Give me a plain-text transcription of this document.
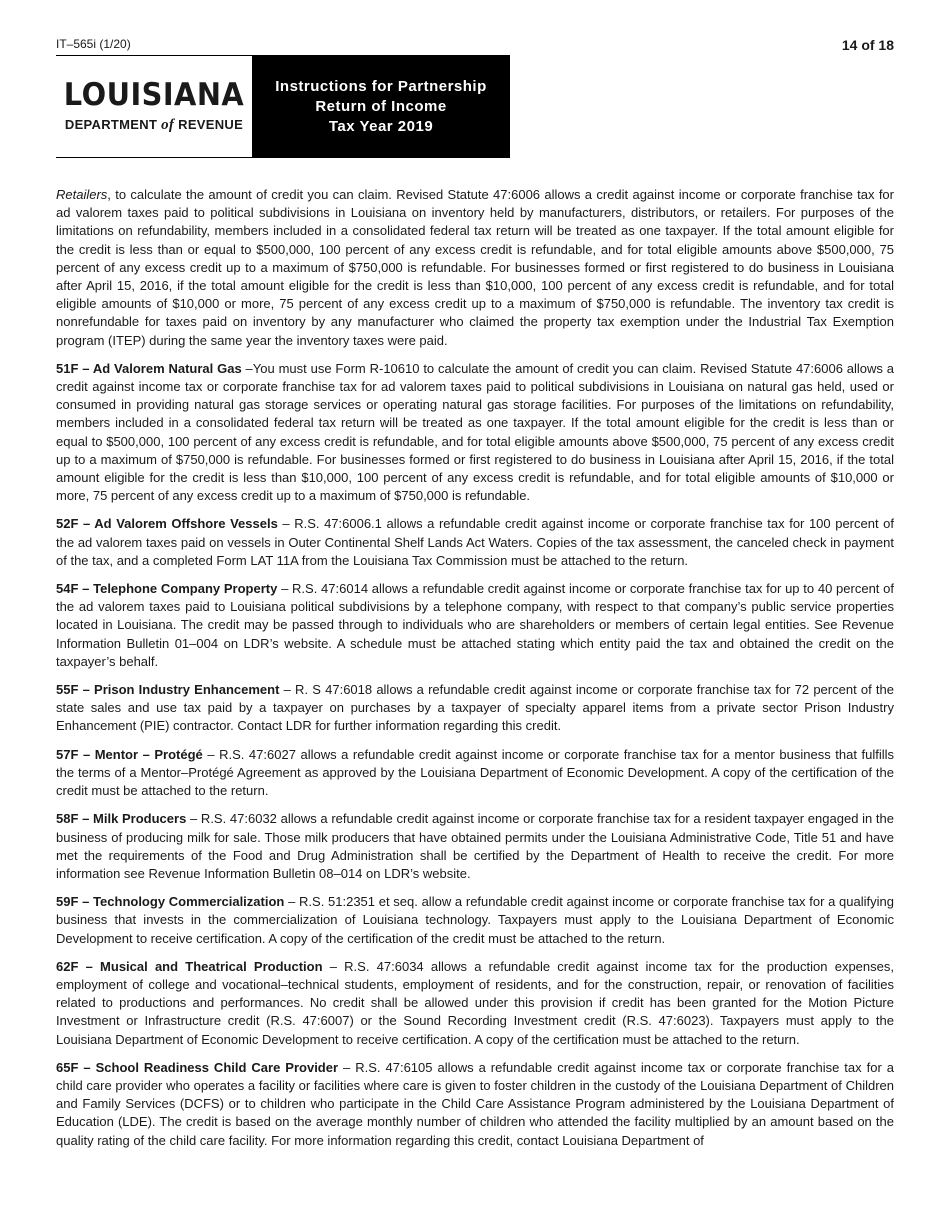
IT–565i (1/20)	14 of 18
LOUISIANA
DEPARTMENT of REVENUE
Instructions for Partnership
Return of Income
Tax Year 2019

Retailers, to calculate the amount of credit you can claim. Revised Statute 47:6006 allows a credit against income or corporate franchise tax for ad valorem taxes paid to political subdivisions in Louisiana on inventory held by manufacturers, distributors, or retailers. For purposes of the limitations on refundability, members included in a consolidated federal tax return will be treated as one taxpayer. If the total amount eligible for the credit is less than or equal to $500,000, 100 percent of any excess credit is refundable, and for total eligible amounts above $500,000, 75 percent of any excess credit up to a maximum of $750,000 is refundable. For businesses formed or first registered to do business in Louisiana after April 15, 2016, if the total amount eligible for the credit is less than $10,000, 100 percent of any excess credit is refundable, and for total eligible amounts of $10,000 or more, 75 percent of any excess credit up to a maximum of $750,000 is refundable. The inventory tax credit is nonrefundable for taxes paid on inventory by any manufacturer who claimed the property tax exemption under the Industrial Tax Exemption program (ITEP) during the same year the inventory taxes were paid.

51F – Ad Valorem Natural Gas –You must use Form R-10610 to calculate the amount of credit you can claim. Revised Statute 47:6006 allows a credit against income tax or corporate franchise tax for ad valorem taxes paid to political subdivisions in Louisiana on natural gas held, used or consumed in providing natural gas storage services or operating natural gas storage facilities. For purposes of the limitations on refundability, members included in a consolidated federal tax return will be treated as one taxpayer. If the total amount eligible for the credit is less than or equal to $500,000, 100 percent of any excess credit is refundable, and for total eligible amounts above $500,000, 75 percent of any excess credit up to a maximum of $750,000 is refundable. For businesses formed or first registered to do business in Louisiana after April 15, 2016, if the total amount eligible for the credit is less than $10,000, 100 percent of any excess credit is refundable, and for total eligible amounts of $10,000 or more, 75 percent of any excess credit up to a maximum of $750,000 is refundable.

52F – Ad Valorem Offshore Vessels – R.S. 47:6006.1 allows a refundable credit against income or corporate franchise tax for 100 percent of the ad valorem taxes paid on vessels in Outer Continental Shelf Lands Act Waters. Copies of the tax assessment, the canceled check in payment of the tax, and a completed Form LAT 11A from the Louisiana Tax Commission must be attached to the return.

54F – Telephone Company Property – R.S. 47:6014 allows a refundable credit against income or corporate franchise tax for up to 40 percent of the ad valorem taxes paid to Louisiana political subdivisions by a telephone company, with respect to that company’s public service properties located in Louisiana. The credit may be passed through to individuals who are shareholders or members of certain legal entities. See Revenue Information Bulletin 01–004 on LDR’s website. A schedule must be attached stating which entity paid the tax and obtained the credit on the taxpayer’s behalf.

55F – Prison Industry Enhancement – R. S 47:6018 allows a refundable credit against income or corporate franchise tax for 72 percent of the state sales and use tax paid by a taxpayer on purchases by a taxpayer of specialty apparel items from a private sector Prison Industry Enhancement (PIE) contractor. Contact LDR for further information regarding this credit.

57F – Mentor – Protégé – R.S. 47:6027 allows a refundable credit against income or corporate franchise tax for a mentor business that fulfills the terms of a Mentor–Protégé Agreement as approved by the Louisiana Department of Economic Development. A copy of the certification of the credit must be attached to the return.

58F – Milk Producers – R.S. 47:6032 allows a refundable credit against income or corporate franchise tax for a resident taxpayer engaged in the business of producing milk for sale. Those milk producers that have obtained permits under the Louisiana Administrative Code, Title 51 and have met the requirements of the Food and Drug Administration shall be certified by the Department of Health to receive the credit. For more information see Revenue Information Bulletin 08–014 on LDR’s website.

59F – Technology Commercialization – R.S. 51:2351 et seq. allow a refundable credit against income or corporate franchise tax for a qualifying business that invests in the commercialization of Louisiana technology. Taxpayers must apply to the Louisiana Department of Economic Development to receive certification. A copy of the certification of the credit must be attached to the return.

62F – Musical and Theatrical Production – R.S. 47:6034 allows a refundable credit against income tax for the production expenses, employment of college and vocational–technical students, employment of residents, and for the construction, repair, or renovation of facilities related to productions and performances. No credit shall be allowed under this provision if credit has been granted for the Motion Picture Investment or Infrastructure credit (R.S. 47:6007) or the Sound Recording Investment credit (R.S. 47:6023). Taxpayers must apply to the Louisiana Department of Economic Development to receive certification. A copy of the certification must be attached to the return.

65F – School Readiness Child Care Provider – R.S. 47:6105 allows a refundable credit against income tax or corporate franchise tax for a child care provider who operates a facility or facilities where care is given to foster children in the custody of the Louisiana Department of Children and Family Services (DCFS) or to children who participate in the Child Care Assistance Program administered by the Louisiana Department of Education (LDE). The credit is based on the average monthly number of children who attended the facility multiplied by an amount based on the quality rating of the child care facility. For more information regarding this credit, contact Louisiana Department of
